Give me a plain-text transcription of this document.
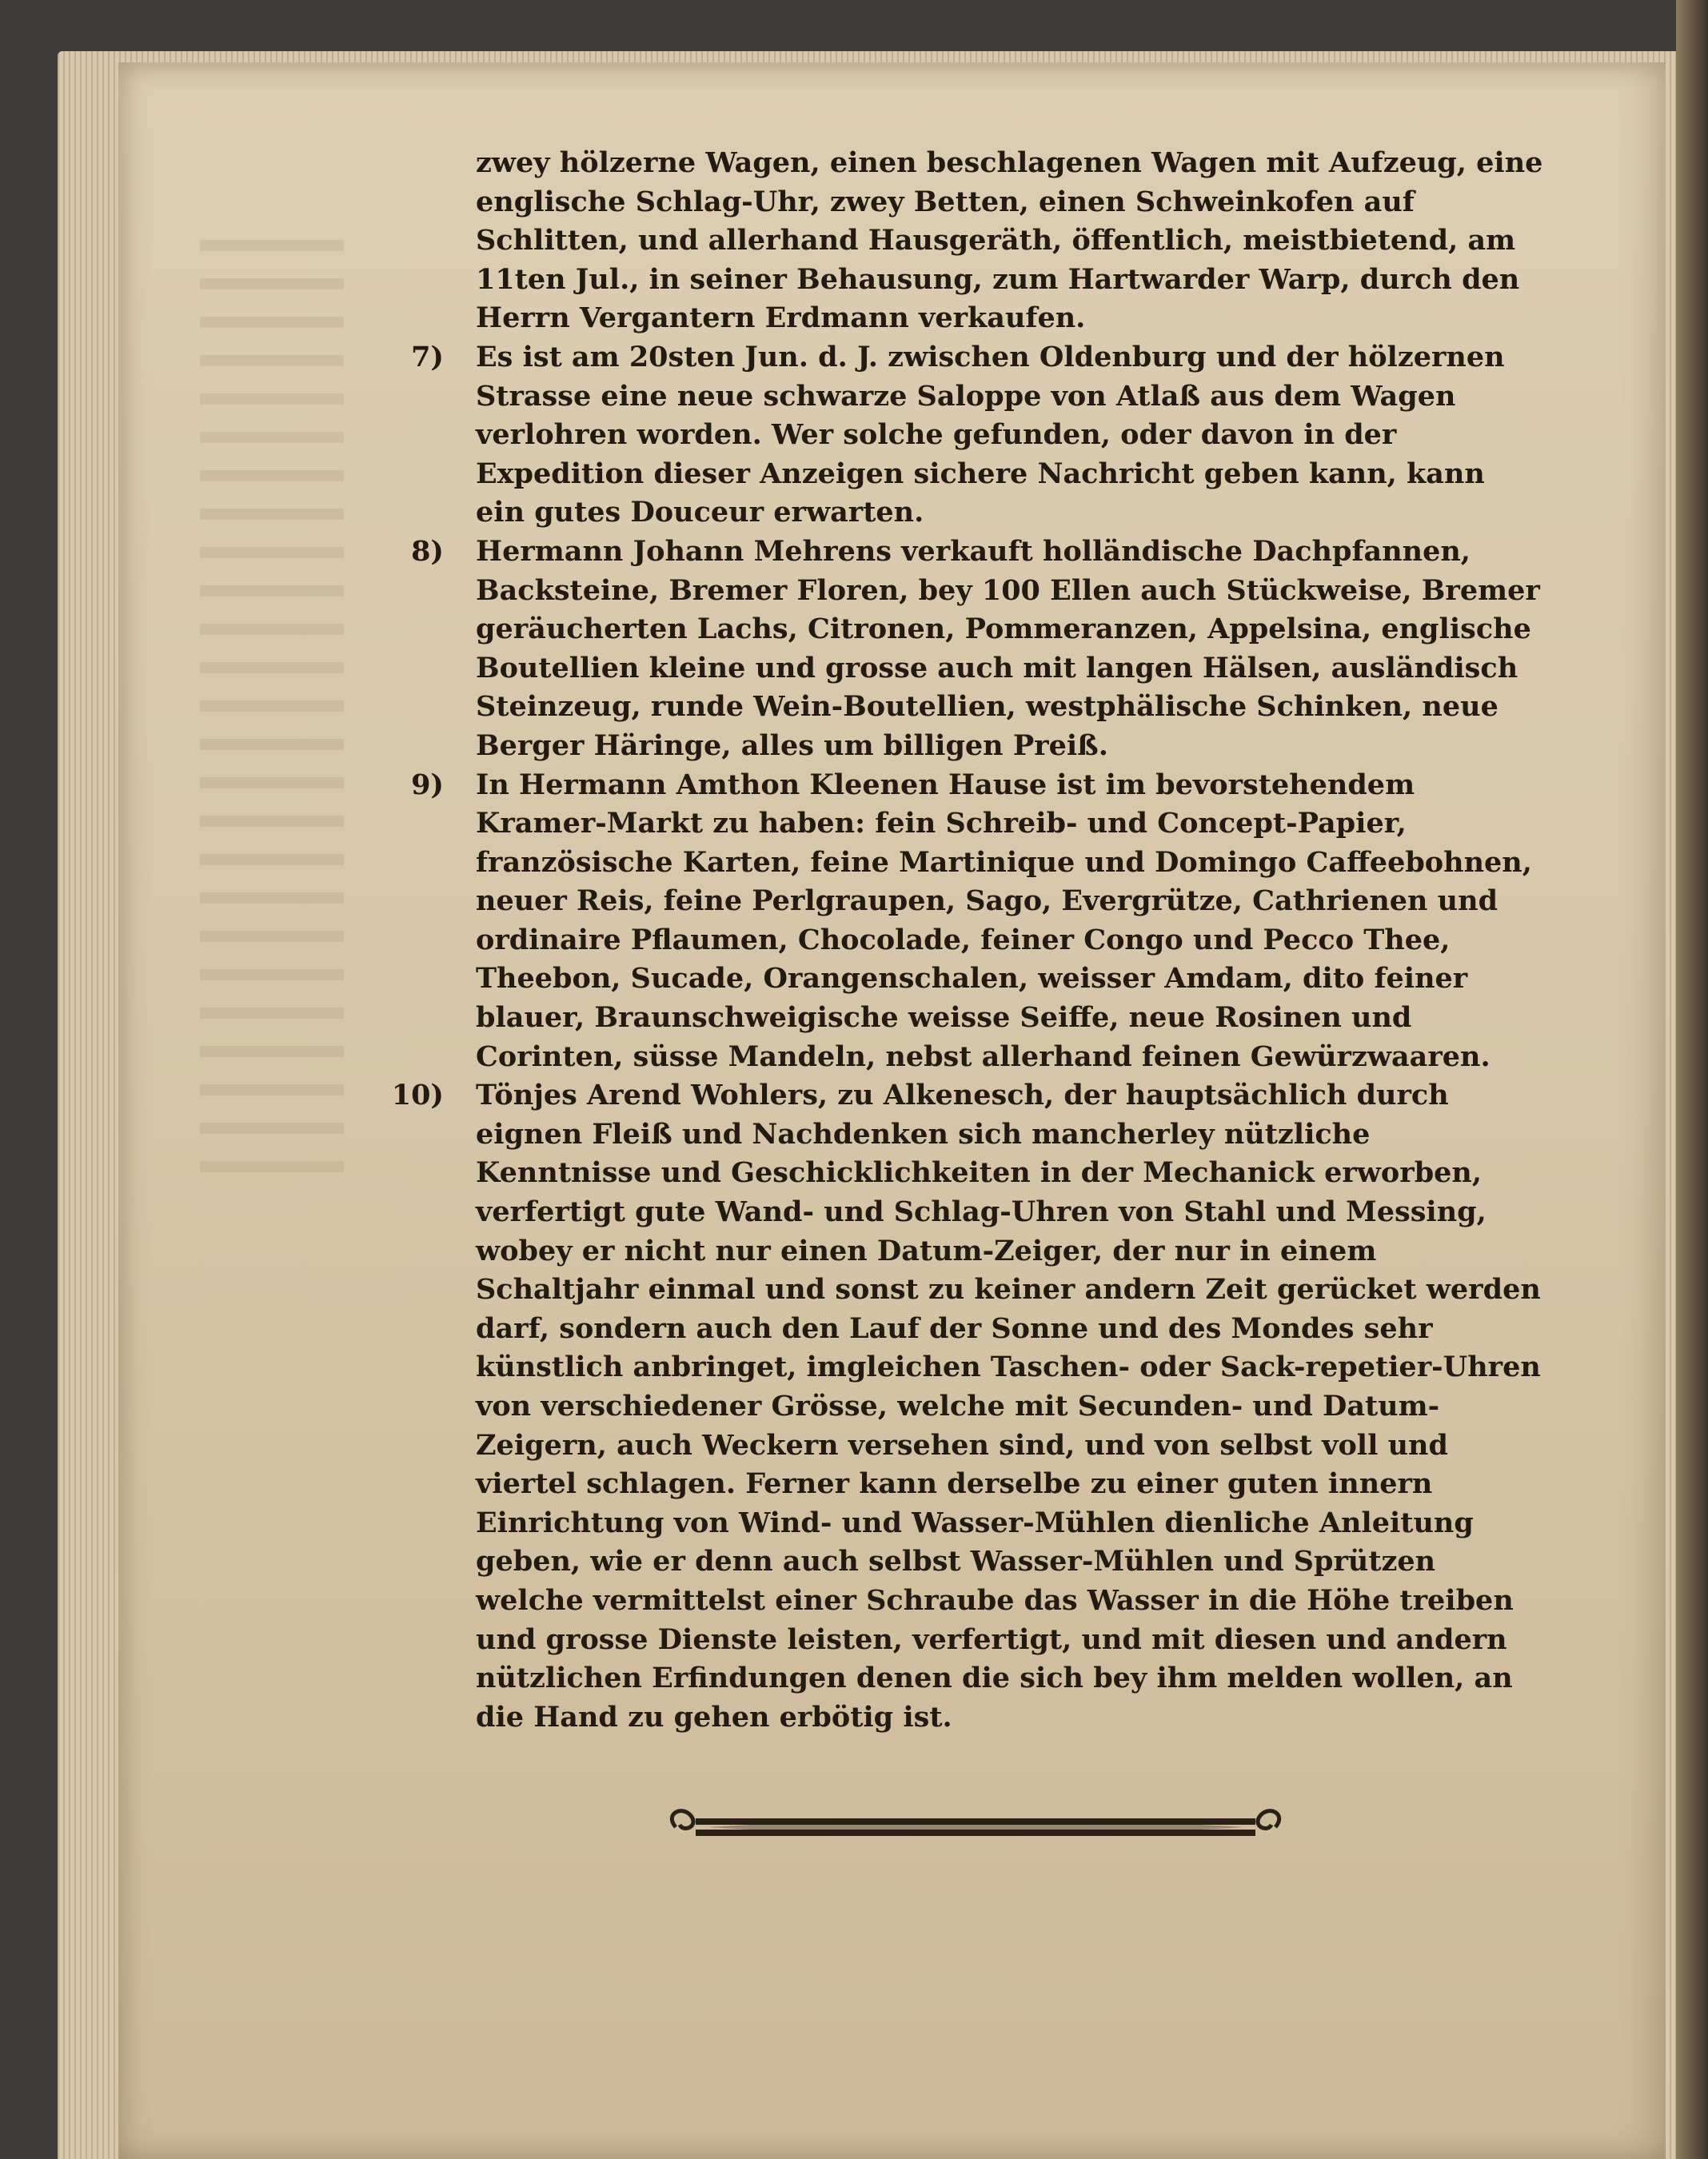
zwey hölzerne Wagen, einen beschlagenen Wagen mit Aufzeug, eine englische Schlag-Uhr, zwey Betten, einen Schweinkofen auf Schlitten, und allerhand Hausgeräth, öffentlich, meistbietend, am 11ten Jul., in seiner Behausung, zum Hartwarder Warp, durch den Herrn Vergantern Erdmann verkaufen.

7) Es ist am 20sten Jun. d. J. zwischen Oldenburg und der hölzernen Strasse eine neue schwarze Saloppe von Atlaß aus dem Wagen verlohren worden. Wer solche gefunden, oder davon in der Expedition dieser Anzeigen sichere Nachricht geben kann, kann ein gutes Douceur erwarten.

8) Hermann Johann Mehrens verkauft holländische Dachpfannen, Backsteine, Bremer Floren, bey 100 Ellen auch Stückweise, Bremer geräucherten Lachs, Citronen, Pommeranzen, Appelsina, englische Boutellien kleine und grosse auch mit langen Hälsen, ausländisch Steinzeug, runde Wein-Boutellien, westphälische Schinken, neue Berger Häringe, alles um billigen Preiß.

9) In Hermann Amthon Kleenen Hause ist im bevorstehendem Kramer-Markt zu haben: fein Schreib- und Concept-Papier, französische Karten, feine Martinique und Domingo Caffeebohnen, neuer Reis, feine Perlgraupen, Sago, Evergrütze, Cathrienen und ordinaire Pflaumen, Chocolade, feiner Congo und Pecco Thee, Theebon, Sucade, Orangenschalen, weisser Amdam, dito feiner blauer, Braunschweigische weisse Seiffe, neue Rosinen und Corinten, süsse Mandeln, nebst allerhand feinen Gewürzwaaren.

10) Tönjes Arend Wohlers, zu Alkenesch, der hauptsächlich durch eignen Fleiß und Nachdenken sich mancherley nützliche Kenntnisse und Geschicklichkeiten in der Mechanick erworben, verfertigt gute Wand- und Schlag-Uhren von Stahl und Messing, wobey er nicht nur einen Datum-Zeiger, der nur in einem Schaltjahr einmal und sonst zu keiner andern Zeit gerücket werden darf, sondern auch den Lauf der Sonne und des Mondes sehr künstlich anbringet, imgleichen Taschen- oder Sack-repetier-Uhren von verschiedener Grösse, welche mit Secunden- und Datum-Zeigern, auch Weckern versehen sind, und von selbst voll und viertel schlagen. Ferner kann derselbe zu einer guten innern Einrichtung von Wind- und Wasser-Mühlen dienliche Anleitung geben, wie er denn auch selbst Wasser-Mühlen und Sprützen welche vermittelst einer Schraube das Wasser in die Höhe treiben und grosse Dienste leisten, verfertigt, und mit diesen und andern nützlichen Erfindungen denen die sich bey ihm melden wollen, an die Hand zu gehen erbötig ist.
